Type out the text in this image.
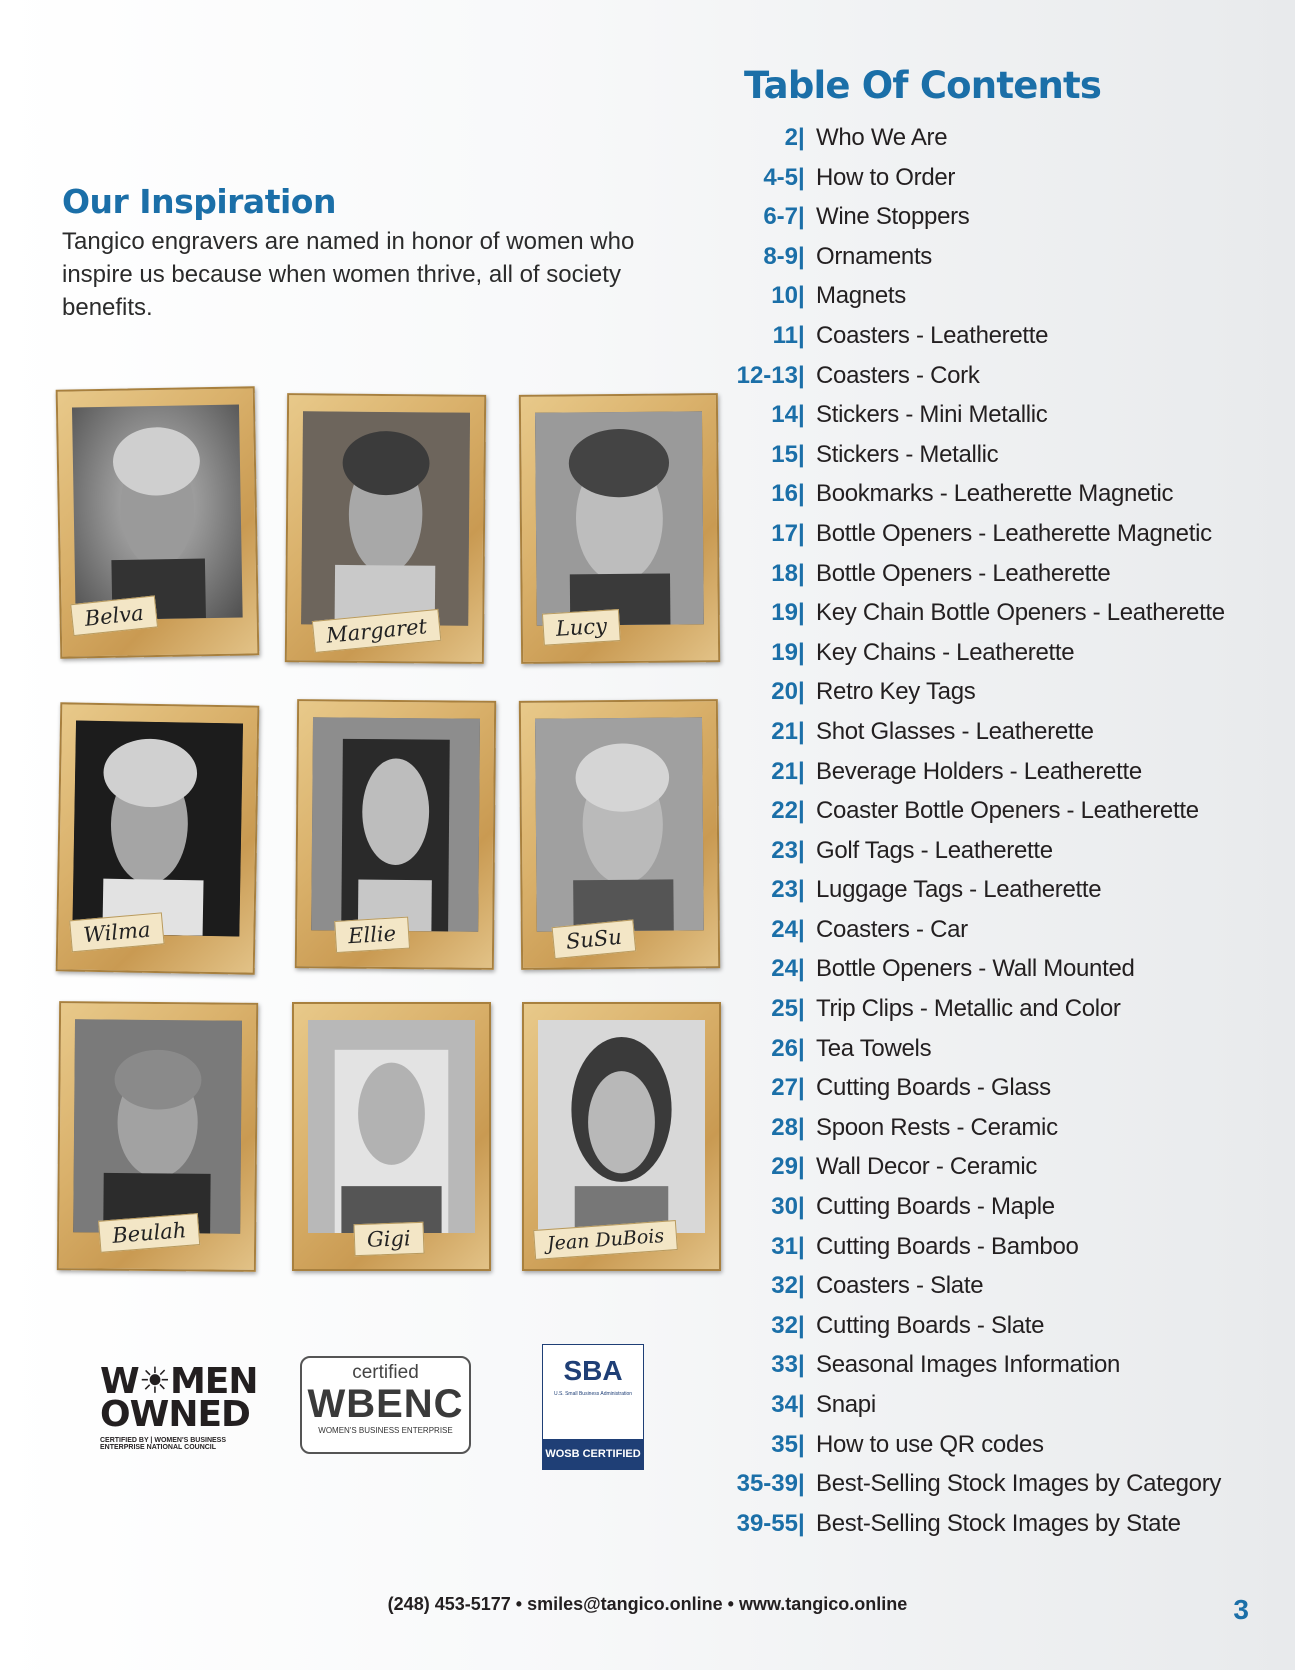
Our Inspiration

Tangico engravers are named in honor of women who inspire us because when women thrive, all of society benefits.

Belva	Margaret	Lucy
Wilma	Ellie	SuSu
Beulah	Gigi	Jean DuBois
W☀MEN
OWNED
CERTIFIED BY | WOMEN'S BUSINESS ENTERPRISE NATIONAL COUNCIL
certified
WBENC
WOMEN'S BUSINESS ENTERPRISE
SBA
U.S. Small Business Administration
WOSB CERTIFIED
Table Of Contents
2 | Who We Are
4-5 | How to Order
6-7 | Wine Stoppers
8-9 | Ornaments
10 | Magnets
11 | Coasters - Leatherette
12-13 | Coasters - Cork
14 | Stickers - Mini Metallic
15 | Stickers - Metallic
16 | Bookmarks - Leatherette Magnetic
17 | Bottle Openers - Leatherette Magnetic
18 | Bottle Openers - Leatherette
19 | Key Chain Bottle Openers - Leatherette
19 | Key Chains - Leatherette
20 | Retro Key Tags
21 | Shot Glasses - Leatherette
21 | Beverage Holders - Leatherette
22 | Coaster Bottle Openers - Leatherette
23 | Golf Tags - Leatherette
23 | Luggage Tags - Leatherette
24 | Coasters - Car
24 | Bottle Openers - Wall Mounted
25 | Trip Clips - Metallic and Color
26 | Tea Towels
27 | Cutting Boards - Glass
28 | Spoon Rests - Ceramic
29 | Wall Decor - Ceramic
30 | Cutting Boards - Maple
31 | Cutting Boards - Bamboo
32 | Coasters - Slate
32 | Cutting Boards - Slate
33 | Seasonal Images Information
34 | Snapi
35 | How to use QR codes
35-39 | Best-Selling Stock Images by Category
39-55 | Best-Selling Stock Images by State
(248) 453-5177 • smiles@tangico.online • www.tangico.online	3
